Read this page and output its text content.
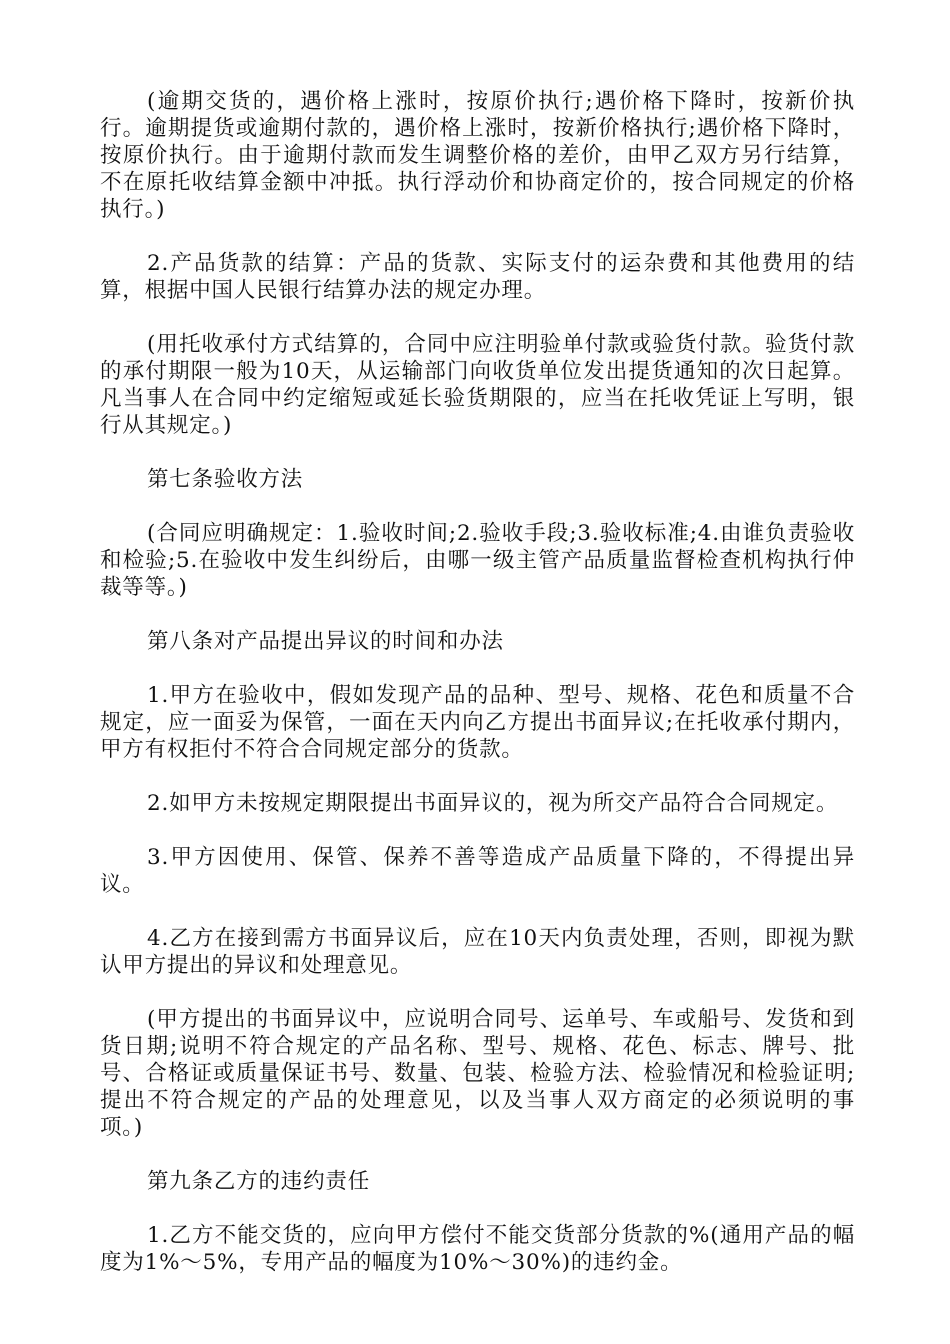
(逾期交货的，遇价格上涨时，按原价执行;遇价格下降时，按新价执行。逾期提货或逾期付款的，遇价格上涨时，按新价格执行;遇价格下降时，按原价执行。由于逾期付款而发生调整价格的差价，由甲乙双方另行结算，不在原托收结算金额中冲抵。执行浮动价和协商定价的，按合同规定的价格执行。)

2.产品货款的结算：产品的货款、实际支付的运杂费和其他费用的结算，根据中国人民银行结算办法的规定办理。

(用托收承付方式结算的，合同中应注明验单付款或验货付款。验货付款的承付期限一般为10天，从运输部门向收货单位发出提货通知的次日起算。凡当事人在合同中约定缩短或延长验货期限的，应当在托收凭证上写明，银行从其规定。)

第七条验收方法

(合同应明确规定：1.验收时间;2.验收手段;3.验收标准;4.由谁负责验收和检验;5.在验收中发生纠纷后，由哪一级主管产品质量监督检查机构执行仲裁等等。)

第八条对产品提出异议的时间和办法

1.甲方在验收中，假如发现产品的品种、型号、规格、花色和质量不合规定，应一面妥为保管，一面在天内向乙方提出书面异议;在托收承付期内，甲方有权拒付不符合合同规定部分的货款。

2.如甲方未按规定期限提出书面异议的，视为所交产品符合合同规定。

3.甲方因使用、保管、保养不善等造成产品质量下降的，不得提出异议。

4.乙方在接到需方书面异议后，应在10天内负责处理，否则，即视为默认甲方提出的异议和处理意见。

(甲方提出的书面异议中，应说明合同号、运单号、车或船号、发货和到货日期;说明不符合规定的产品名称、型号、规格、花色、标志、牌号、批号、合格证或质量保证书号、数量、包装、检验方法、检验情况和检验证明;提出不符合规定的产品的处理意见，以及当事人双方商定的必须说明的事项。)

第九条乙方的违约责任

1.乙方不能交货的，应向甲方偿付不能交货部分货款的%(通用产品的幅度为1%～5%，专用产品的幅度为10%～30%)的违约金。
